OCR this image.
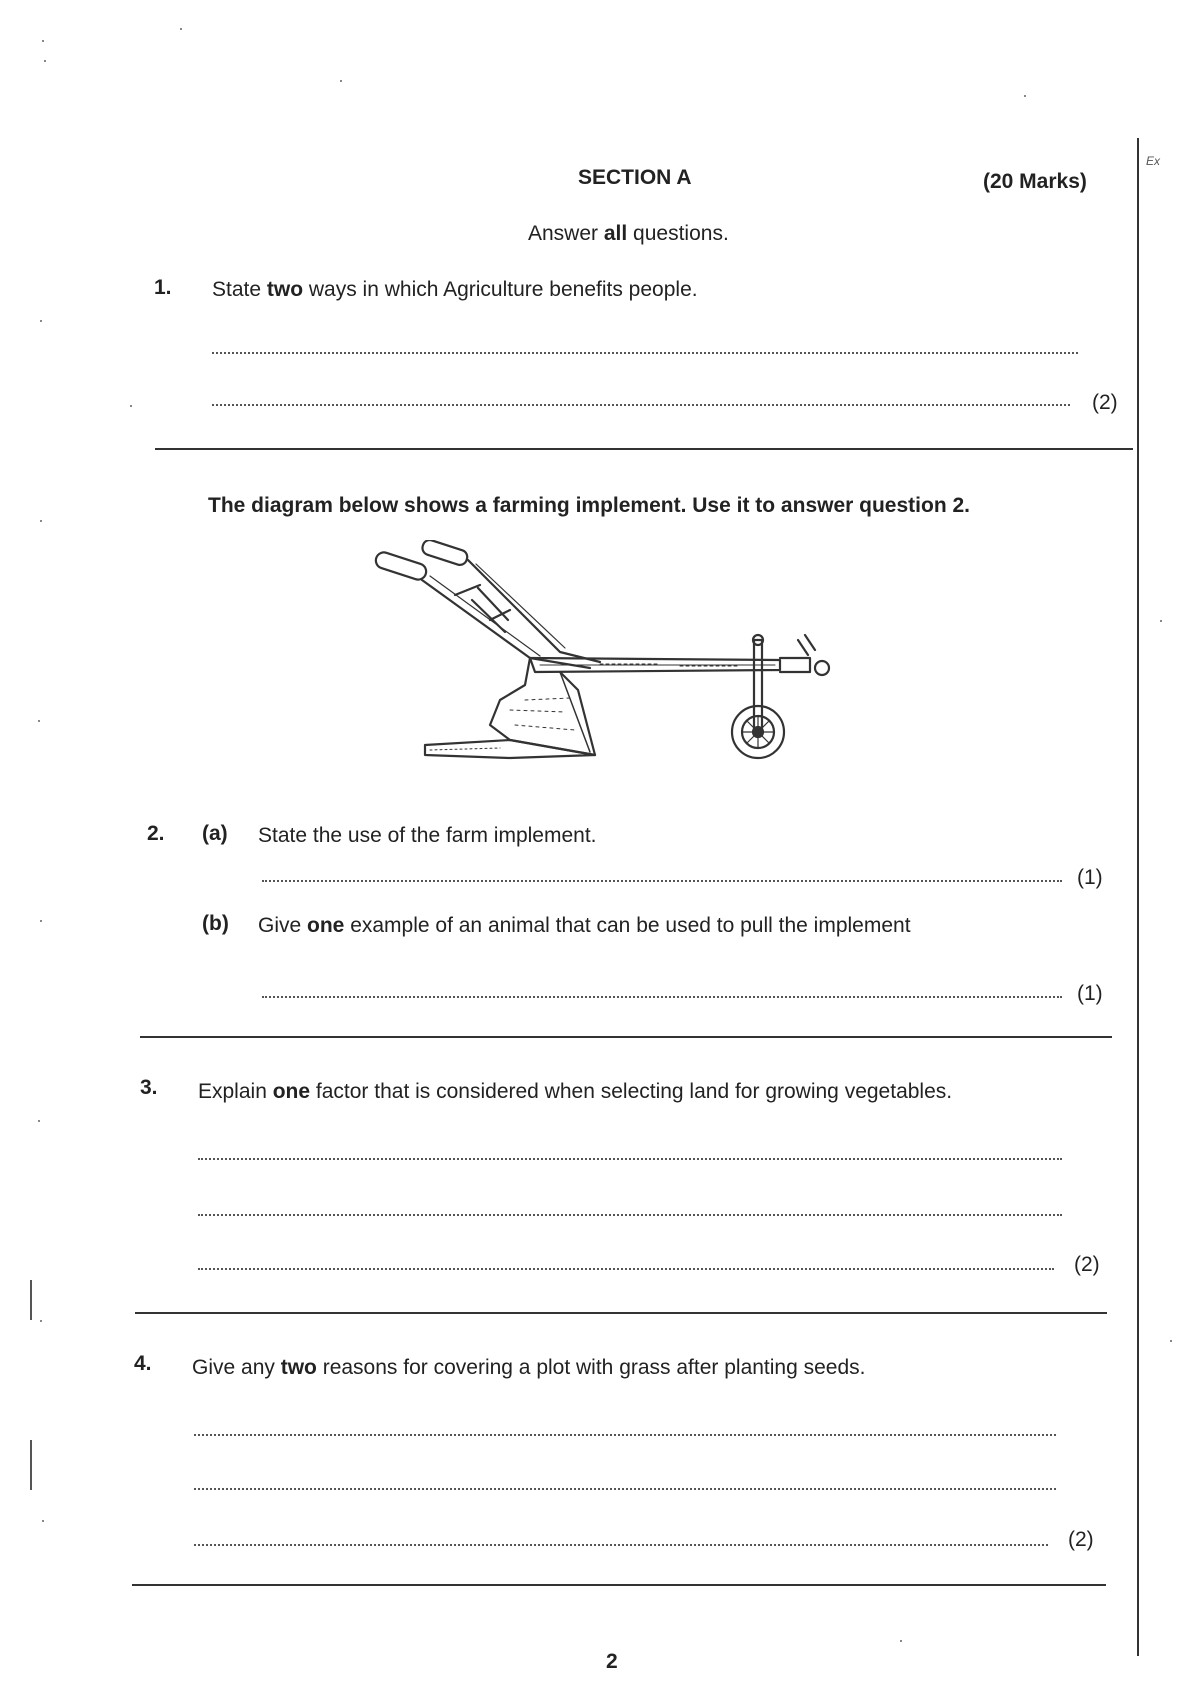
SECTION A	(20 Marks)
Ex
Answer all questions.
1. State two ways in which Agriculture benefits people.
(2)
The diagram below shows a farming implement. Use it to answer question 2.
2. (a) State the use of the farm implement.
(1)
(b) Give one example of an animal that can be used to pull the implement
(1)
3. Explain one factor that is considered when selecting land for growing vegetables.
(2)
4. Give any two reasons for covering a plot with grass after planting seeds.
(2)
2
